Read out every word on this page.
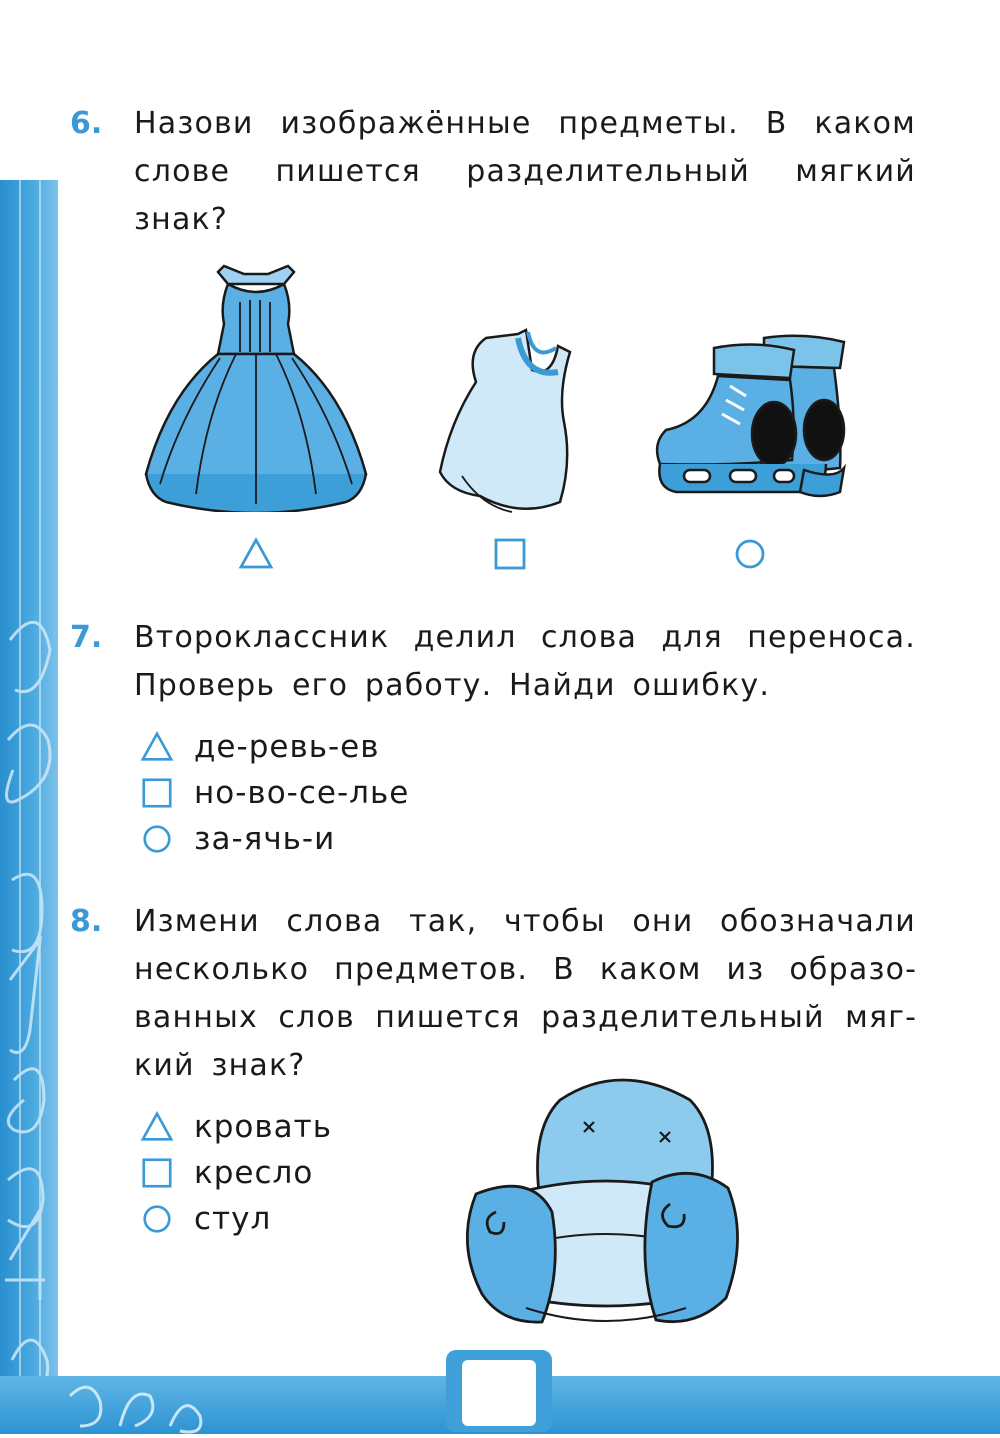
6.	Назови изображённые предметы. В каком слове пишется разделительный мягкий знак?
7.	Второклассник делил слова для переноса. Проверь его работу. Найди ошибку.
де-ревь-ев
но-во-се-лье
за-ячь-и
8.	Измени слова так, чтобы они обозначали несколько предметов. В каком из образованных слов пишется разделительный мягкий знак?
кровать
кресло
стул
